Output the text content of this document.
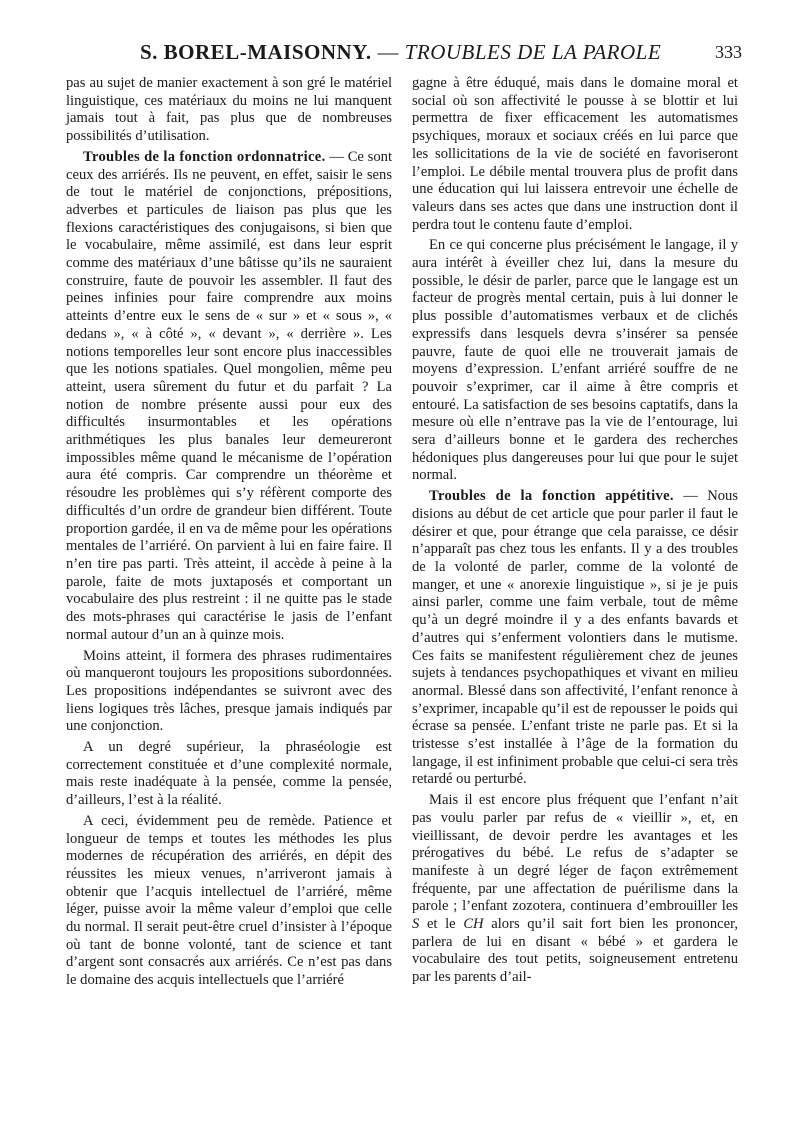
S. BOREL-MAISONNY. — TROUBLES DE LA PAROLE	333

pas au sujet de manier exactement à son gré le matériel linguistique, ces matériaux du moins ne lui manquent jamais tout à fait, pas plus que de nombreuses possibilités d’utilisation.

Troubles de la fonction ordonnatrice. — Ce sont ceux des arriérés. Ils ne peuvent, en effet, saisir le sens de tout le matériel de conjonctions, prépositions, adverbes et particules de liaison pas plus que les flexions caractéristiques des conjugaisons, si bien que le vocabulaire, même assimilé, est dans leur esprit comme des matériaux d’une bâtisse qu’ils ne sauraient construire, faute de pouvoir les assembler. Il faut des peines infinies pour faire comprendre aux moins atteints d’entre eux le sens de « sur » et « sous », « dedans », « à côté », « devant », « derrière ». Les notions temporelles leur sont encore plus inaccessibles que les notions spatiales. Quel mongolien, même peu atteint, usera sûrement du futur et du parfait ? La notion de nombre présente aussi pour eux des difficultés insurmontables et les opérations arithmétiques les plus banales leur demeureront impossibles même quand le mécanisme de l’opération aura été compris. Car comprendre un théorème et résoudre les problèmes qui s’y réfèrent comporte des difficultés d’un ordre de grandeur bien différent. Toute proportion gardée, il en va de même pour les opérations mentales de l’arriéré. On parvient à lui en faire faire. Il n’en tire pas parti. Très atteint, il accède à peine à la parole, faite de mots juxtaposés et comportant un vocabulaire des plus restreint : il ne quitte pas le stade des mots-phrases qui caractérise le jasis de l’enfant normal autour d’un an à quinze mois.

Moins atteint, il formera des phrases rudimentaires où manqueront toujours les propositions subordonnées. Les propositions indépendantes se suivront avec des liens logiques très lâches, presque jamais indiqués par une conjonction.

A un degré supérieur, la phraséologie est correctement constituée et d’une complexité normale, mais reste inadéquate à la pensée, comme la pensée, d’ailleurs, l’est à la réalité.

A ceci, évidemment peu de remède. Patience et longueur de temps et toutes les méthodes les plus modernes de récupération des arriérés, en dépit des réussites les mieux venues, n’arriveront jamais à obtenir que l’acquis intellectuel de l’arriéré, même léger, puisse avoir la même valeur d’emploi que celle du normal. Il serait peut-être cruel d’insister à l’époque où tant de bonne volonté, tant de science et tant d’argent sont consacrés aux arriérés. Ce n’est pas dans le domaine des acquis intellectuels que l’arriéré

gagne à être éduqué, mais dans le domaine moral et social où son affectivité le pousse à se blottir et lui permettra de fixer efficacement les automatismes psychiques, moraux et sociaux créés en lui parce que les sollicitations de la vie de société en favoriseront l’emploi. Le débile mental trouvera plus de profit dans une éducation qui lui laissera entrevoir une échelle de valeurs dans ses actes que dans une instruction dont il perdra tout le contenu faute d’emploi.

En ce qui concerne plus précisément le langage, il y aura intérêt à éveiller chez lui, dans la mesure du possible, le désir de parler, parce que le langage est un facteur de progrès mental certain, puis à lui donner le plus possible d’automatismes verbaux et de clichés expressifs dans lesquels devra s’insérer sa pensée pauvre, faute de quoi elle ne trouverait jamais de moyens d’expression. L’enfant arriéré souffre de ne pouvoir s’exprimer, car il aime à être compris et entouré. La satisfaction de ses besoins captatifs, dans la mesure où elle n’entrave pas la vie de l’entourage, lui sera d’ailleurs bonne et le gardera des recherches hédoniques plus dangereuses pour lui que pour le sujet normal.

Troubles de la fonction appétitive. — Nous disions au début de cet article que pour parler il faut le désirer et que, pour étrange que cela paraisse, ce désir n’apparaît pas chez tous les enfants. Il y a des troubles de la volonté de parler, comme de la volonté de manger, et une « anorexie linguistique », si je je puis ainsi parler, comme une faim verbale, tout de même qu’à un degré moindre il y a des enfants bavards et d’autres qui s’enferment volontiers dans le mutisme. Ces faits se manifestent régulièrement chez de jeunes sujets à tendances psychopathiques et vivant en milieu anormal. Blessé dans son affectivité, l’enfant renonce à s’exprimer, incapable qu’il est de repousser le poids qui écrase sa pensée. L’enfant triste ne parle pas. Et si la tristesse s’est installée à l’âge de la formation du langage, il est infiniment probable que celui-ci sera très retardé ou perturbé.

Mais il est encore plus fréquent que l’enfant n’ait pas voulu parler par refus de « vieillir », et, en vieillissant, de devoir perdre les avantages et les prérogatives du bébé. Le refus de s’adapter se manifeste à un degré léger de façon extrêmement fréquente, par une affectation de puérilisme dans la parole ; l’enfant zozotera, continuera d’embrouiller les S et le CH alors qu’il sait fort bien les prononcer, parlera de lui en disant « bébé » et gardera le vocabulaire des tout petits, soigneusement entretenu par les parents d’ail-
